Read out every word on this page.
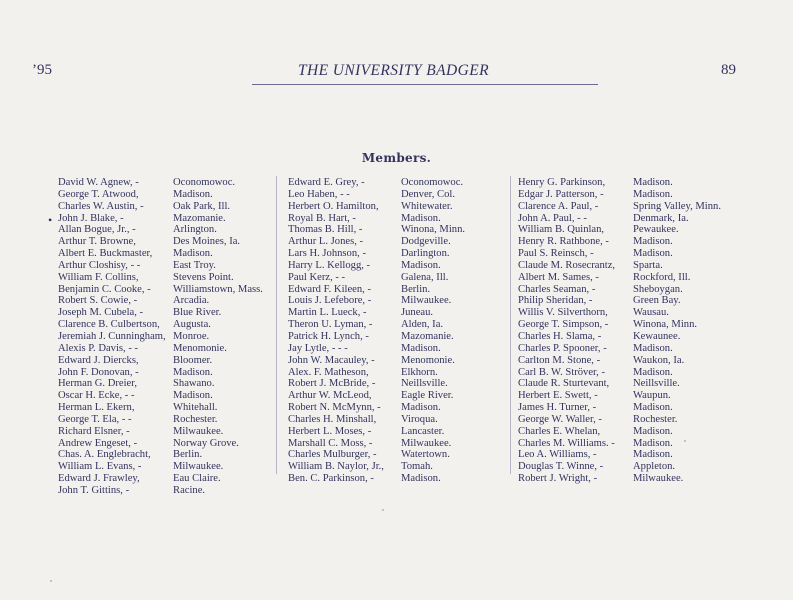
’95	THE UNIVERSITY BADGER	89
Members.
•
David W. Agnew, -	Oconomowoc.
George T. Atwood,	Madison.
Charles W. Austin, -	Oak Park, Ill.
John J. Blake, -	Mazomanie.
Allan Bogue, Jr., -	Arlington.
Arthur T. Browne,	Des Moines, Ia.
Albert E. Buckmaster,	Madison.
Arthur Closhisy, - -	East Troy.
William F. Collins,	Stevens Point.
Benjamin C. Cooke, -	Williamstown, Mass.
Robert S. Cowie, -	Arcadia.
Joseph M. Cubela, -	Blue River.
Clarence B. Culbertson,	Augusta.
Jeremiah J. Cunningham, Monroe.
Alexis P. Davis, - -	Menomonie.
Edward J. Diercks,	Bloomer.
John F. Donovan, -	Madison.
Herman G. Dreier,	Shawano.
Oscar H. Ecke, - -	Madison.
Herman L. Ekern,	Whitehall.
George T. Ela, - -	Rochester.
Richard Elsner, -	Milwaukee.
Andrew Engeset, -	Norway Grove.
Chas. A. Englebracht,	Berlin.
William L. Evans, -	Milwaukee.
Edward J. Frawley,	Eau Claire.
John T. Gittins, -	Racine.
Edward E. Grey, -	Oconomowoc.
Leo Haben, - -	Denver, Col.
Herbert O. Hamilton,	Whitewater.
Royal B. Hart, -	Madison.
Thomas B. Hill, -	Winona, Minn.
Arthur L. Jones, -	Dodgeville.
Lars H. Johnson, -	Darlington.
Harry L. Kellogg, -	Madison.
Paul Kerz, - -	Galena, Ill.
Edward F. Kileen, -	Berlin.
Louis J. Lefebore, -	Milwaukee.
Martin L. Lueck, -	Juneau.
Theron U. Lyman, -	Alden, Ia.
Patrick H. Lynch, -	Mazomanie.
Jay Lytle, - - -	Madison.
John W. Macauley, -	Menomonie.
Alex. F. Matheson,	Elkhorn.
Robert J. McBride, -	Neillsville.
Arthur W. McLeod,	Eagle River.
Robert N. McMynn, -	Madison.
Charles H. Minshall,	Viroqua.
Herbert L. Moses, -	Lancaster.
Marshall C. Moss, -	Milwaukee.
Charles Mulburger, -	Watertown.
William B. Naylor, Jr.,	Tomah.
Ben. C. Parkinson, -	Madison.
Henry G. Parkinson,	Madison.
Edgar J. Patterson, -	Madison.
Clarence A. Paul, -	Spring Valley, Minn.
John A. Paul, - -	Denmark, Ia.
William B. Quinlan,	Pewaukee.
Henry R. Rathbone, -	Madison.
Paul S. Reinsch, -	Madison.
Claude M. Rosecrantz,	Sparta.
Albert M. Sames, -	Rockford, Ill.
Charles Seaman, -	Sheboygan.
Philip Sheridan, -	Green Bay.
Willis V. Silverthorn,	Wausau.
George T. Simpson, -	Winona, Minn.
Charles H. Slama, -	Kewaunee.
Charles P. Spooner, -	Madison.
Carlton M. Stone, -	Waukon, Ia.
Carl B. W. Ströver, -	Madison.
Claude R. Sturtevant,	Neillsville.
Herbert E. Swett, -	Waupun.
James H. Turner, -	Madison.
George W. Waller, -	Rochester.
Charles E. Whelan,	Madison.
Charles M. Williams. -	Madison.
Leo A. Williams, -	Madison.
Douglas T. Winne, -	Appleton.
Robert J. Wright, -	Milwaukee.
